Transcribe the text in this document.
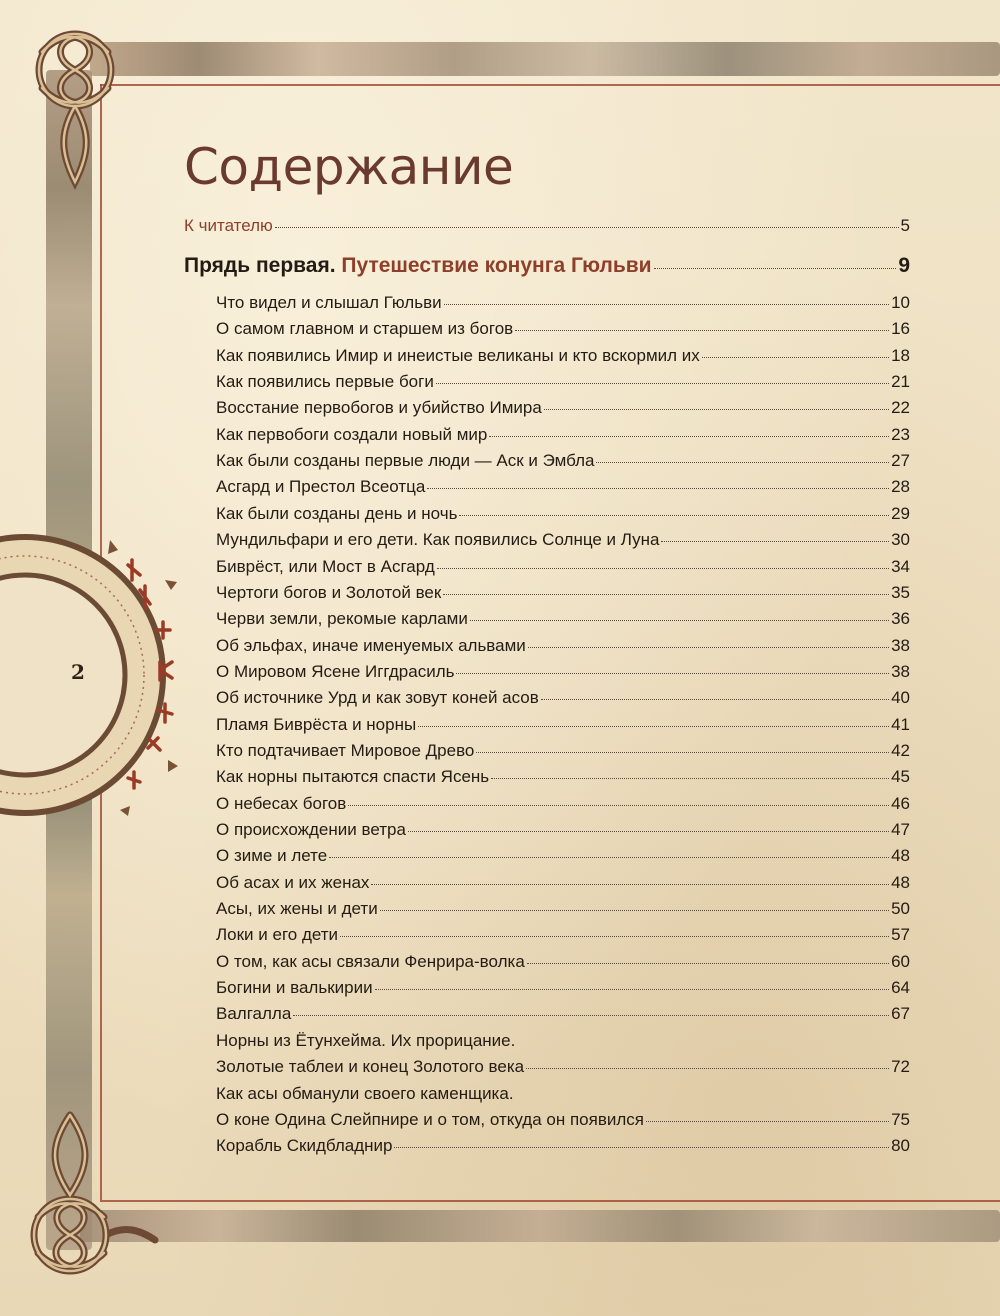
2
Содержание
К читателю	5
Прядь первая. Путешествие конунга Гюльви	9
Что видел и слышал Гюльви	10
О самом главном и старшем из богов	16
Как появились Имир и инеистые великаны и кто вскормил их	18
Как появились первые боги	21
Восстание первобогов и убийство Имира	22
Как первобоги создали новый мир	23
Как были созданы первые люди — Аск и Эмбла	27
Асгард и Престол Всеотца	28
Как были созданы день и ночь	29
Мундильфари и его дети. Как появились Солнце и Луна	30
Биврёст, или Мост в Асгард	34
Чертоги богов и Золотой век	35
Черви земли, рекомые карлами	36
Об эльфах, иначе именуемых альвами	38
О Мировом Ясене Иггдрасиль	38
Об источнике Урд и как зовут коней асов	40
Пламя Биврёста и норны	41
Кто подтачивает Мировое Древо	42
Как норны пытаются спасти Ясень	45
О небесах богов	46
О происхождении ветра	47
О зиме и лете	48
Об асах и их женах	48
Асы, их жены и дети	50
Локи и его дети	57
О том, как асы связали Фенрира-волка	60
Богини и валькирии	64
Валгалла	67
Норны из Ётунхейма. Их прорицание.
Золотые таблеи и конец Золотого века	72
Как асы обманули своего каменщика.
О коне Одина Слейпнире и о том, откуда он появился	75
Корабль Скидбладнир	80
